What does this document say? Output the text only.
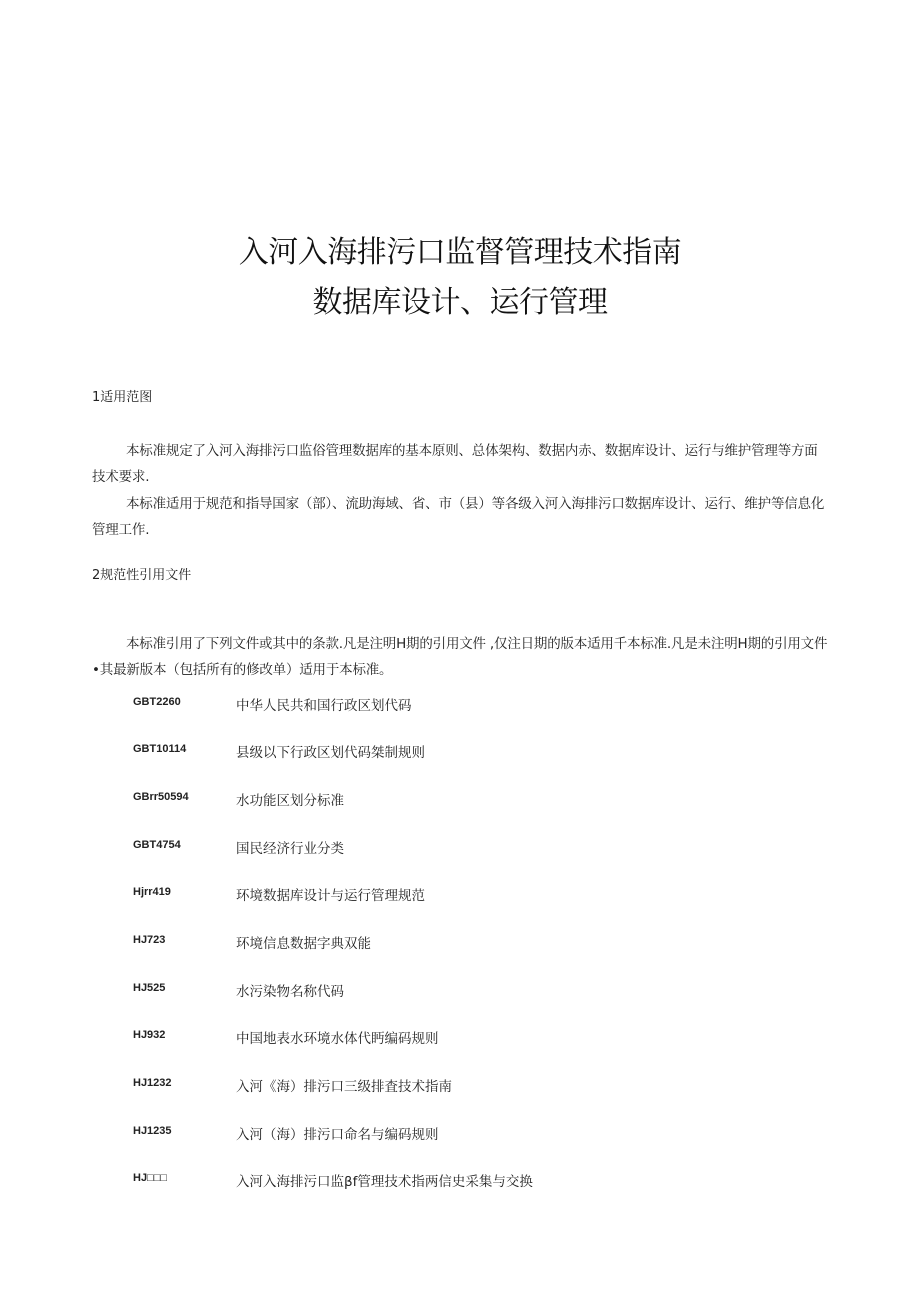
入河入海排污口监督管理技术指南
数据库设计、运行管理
1适用范图
本标准规定了入河入海排污口监俗管理数据库的基本原则、总体架构、数据内赤、数据库设计、运行与维护管理等方面技术要求.
本标准适用于规范和指导国家（部）、流助海域、省、市（县）等各级入河入海排污口数据库设计、运行、维护等信息化管理工作.
2规范性引用文件
本标准引用了下列文件或其中的条款.凡是注明H期的引用文件 ,仅注日期的版本适用千本标准.凡是未注明H期的引用文件•其最新版本（包括所有的修改单）适用于本标准。
GBT2260	中华人民共和国行政区划代码
GBT10114	县级以下行政区划代码桀制规则
GBrr50594	水功能区划分标准
GBT4754	国民经济行业分类
Hjrr419	环境数据库设计与运行管理规范
HJ723	环境信息数据字典双能
HJ525	水污染物名称代码
HJ932	中国地表水环境水体代眄编码规则
HJ1232	入河《海）排污口三级排査技术指南
HJ1235	入河（海）排污口命名与编码规则
HJ□□□	入河入海排污口监βf管理技术指两信史采集与交换
